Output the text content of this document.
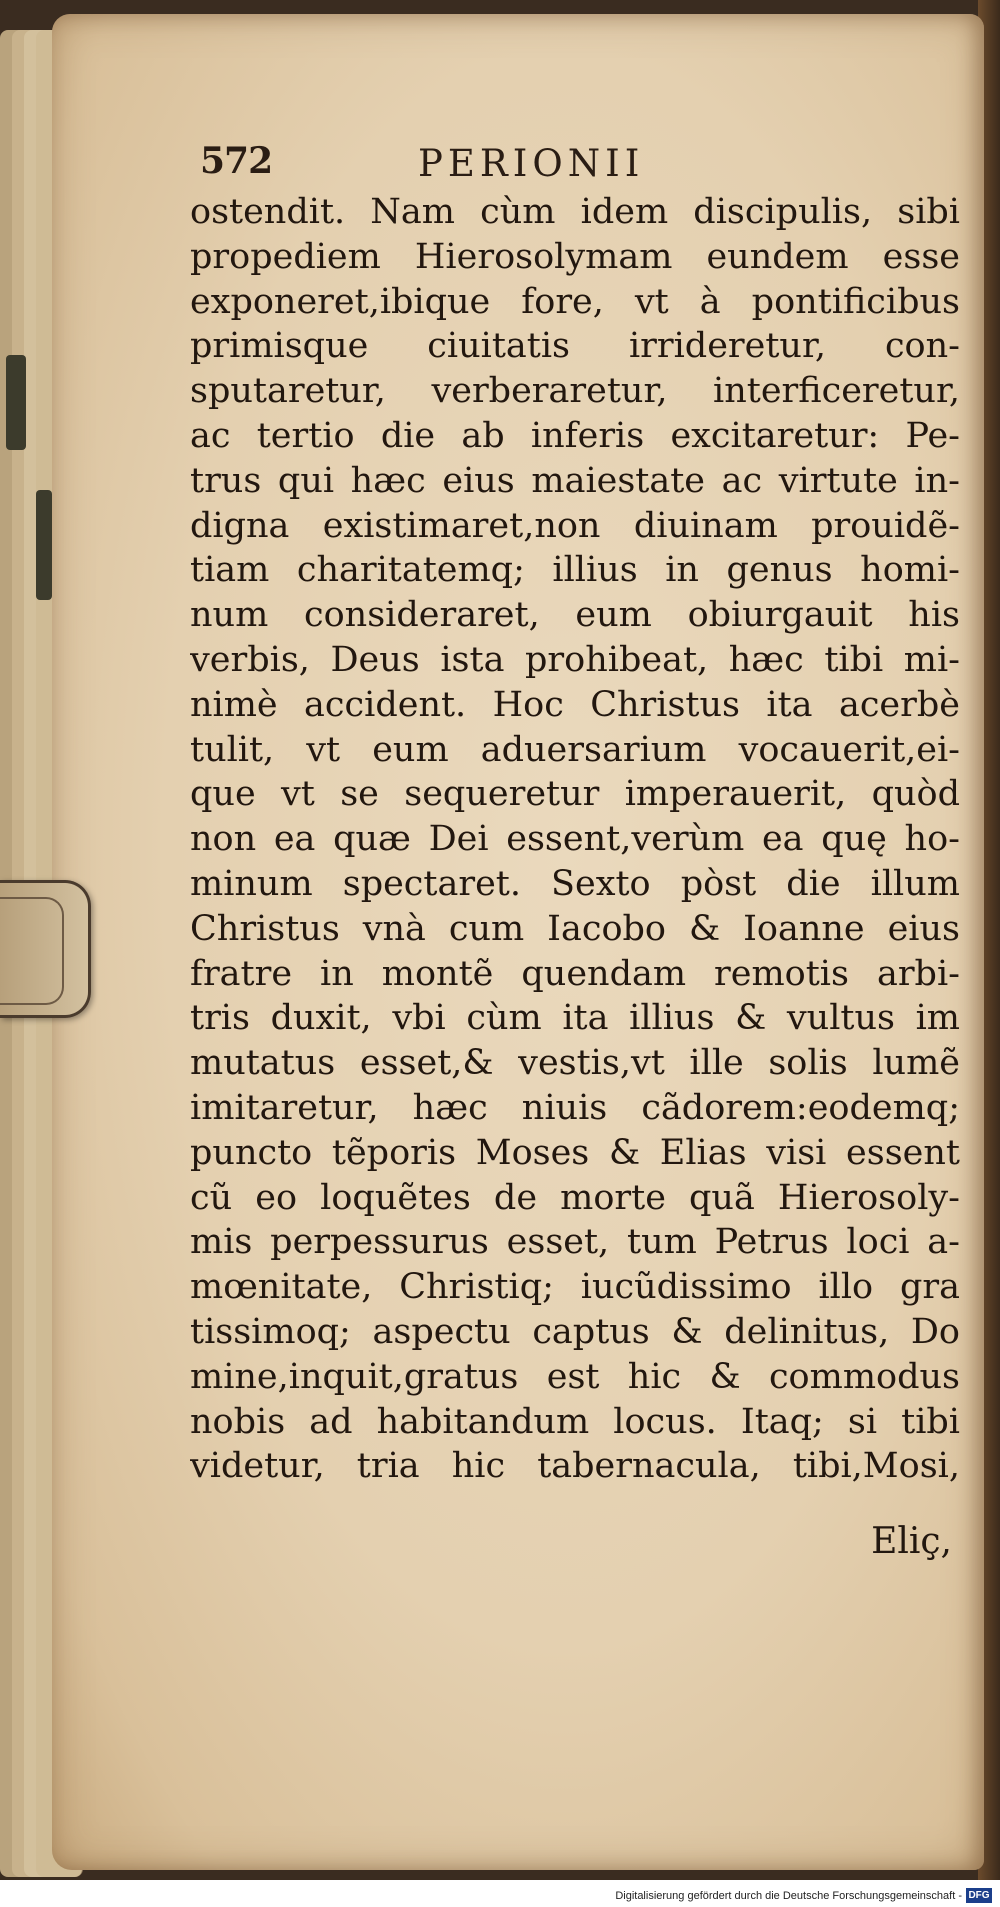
572	PERIONII
ostendit. Nam cùm idem discipulis, sibi
propediem Hierosolymam eundem esse
exponeret,ibique fore, vt à pontificibus
primisque ciuitatis irrideretur, con-
sputaretur, verberaretur, interficeretur,
ac tertio die ab inferis excitaretur: Pe-
trus qui hæc eius maiestate ac virtute in-
digna existimaret,non diuinam prouidẽ-
tiam charitatemq; illius in genus homi-
num consideraret, eum obiurgauit his
verbis, Deus ista prohibeat, hæc tibi mi-
nimè accident. Hoc Christus ita acerbè
tulit, vt eum aduersarium vocauerit,ei-
que vt se sequeretur imperauerit, quòd
non ea quæ Dei essent,verùm ea quę ho-
minum spectaret. Sexto pòst die illum
Christus vnà cum Iacobo & Ioanne eius
fratre in montẽ quendam remotis arbi-
tris duxit, vbi cùm ita illius & vultus im
mutatus esset,& vestis,vt ille solis lumẽ
imitaretur, hæc niuis cãdorem:eodemq;
puncto tẽporis Moses & Elias visi essent
cũ eo loquẽtes de morte quã Hierosoly-
mis perpessurus esset, tum Petrus loci a-
mœnitate, Christiq; iucũdissimo illo gra
tissimoq; aspectu captus & delinitus, Do
mine,inquit,gratus est hic & commodus
nobis ad habitandum locus. Itaq; si tibi
videtur, tria hic tabernacula, tibi,Mosi,
Eliç,
Digitalisierung gefördert durch die Deutsche Forschungsgemeinschaft - DFG
